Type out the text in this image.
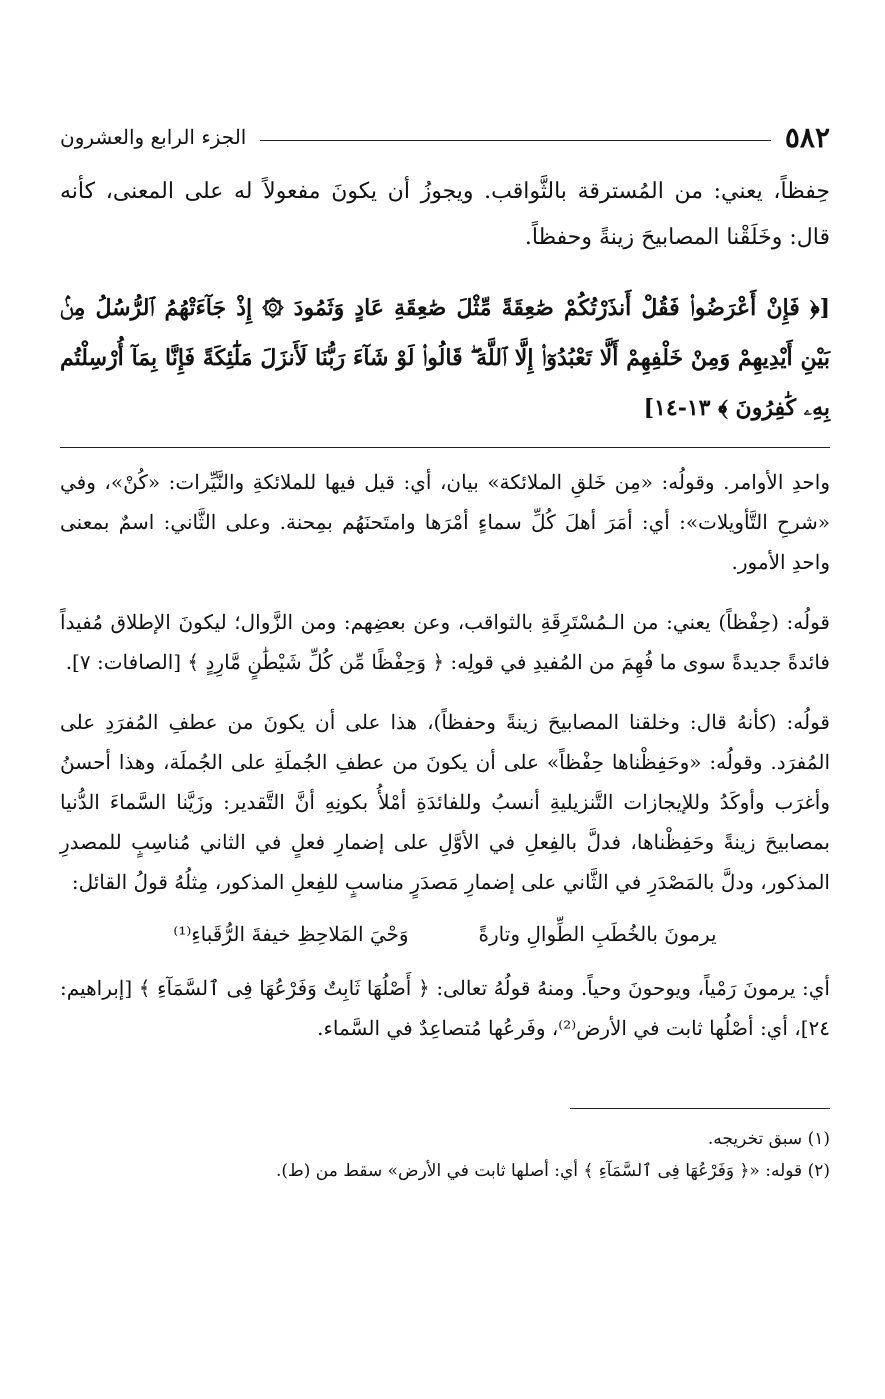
٥٨٢
الجزء الرابع والعشرون
حِفظاً، يعني: من المُسترقة بالثَّواقب. ويجوزُ أن يكونَ مفعولاً له على المعنى، كأنه قال: وخَلَقْنا المصابيحَ زينةً وحفظاً.
[﴿ فَإِنْ أَعْرَضُوا۟ فَقُلْ أَنذَرْتُكُمْ صَٰعِقَةً مِّثْلَ صَٰعِقَةِ عَادٍ وَثَمُودَ ۞ إِذْ جَآءَتْهُمُ ٱلرُّسُلُ مِنۢ بَيْنِ أَيْدِيهِمْ وَمِنْ خَلْفِهِمْ أَلَّا تَعْبُدُوٓا۟ إِلَّا ٱللَّهَ ۖ قَالُوا۟ لَوْ شَآءَ رَبُّنَا لَأَنزَلَ مَلَٰٓئِكَةً فَإِنَّا بِمَآ أُرْسِلْتُم بِهِۦ كَٰفِرُونَ ﴾ ١٣-١٤]

واحدِ الأوامر. وقولُه: «مِن خَلقِ الملائكة» بيان، أي: قيل فيها للملائكةِ والنَّيِّرات: «كُنْ»، وفي «شرحِ التَّأويلات»: أي: أمَرَ أهلَ كُلِّ سماءٍ أمْرَها وامتَحنَهُم بمِحنة. وعلى الثَّاني: اسمٌ بمعنى واحدِ الأمور.

قولُه: (حِفْظاً) يعني: من الـمُسْتَرِقَةِ بالثواقب، وعن بعضِهم: ومن الزَّوال؛ ليكونَ الإطلاق مُفيداً فائدةً جديدةً سوى ما فُهِمَ من المُفيدِ في قولِه: ﴿ وَحِفْظًا مِّن كُلِّ شَيْطَٰنٍ مَّارِدٍ ﴾ [الصافات: ٧].

قولُه: (كأنهُ قال: وخلقنا المصابيحَ زينةً وحفظاً)، هذا على أن يكونَ من عطفِ المُفرَدِ على المُفرَد. وقولُه: «وحَفِظْناها حِفْظاً» على أن يكونَ من عطفِ الجُملَةِ على الجُملَة، وهذا أحسنُ وأغرَب وأوكَدُ وللإيجازات التَّنزيليةِ أنسبُ وللفائدَةِ أمْلأُ بكونِهِ أنَّ التَّقدير: وزَيَّنا السَّماءَ الدُّنيا بمصابيحَ زينةً وحَفِظْناها، فدلَّ بالفِعلِ في الأوَّلِ على إضمارِ فعلٍ في الثاني مُناسِبٍ للمصدرِ المذكور، ودلَّ بالمَصْدَرِ في الثَّاني على إضمارِ مَصدَرٍ مناسبٍ للفِعلِ المذكور، مِثلُهُ قولُ القائل:

يرمونَ بالخُطَبِ الطِّوالِ وتارةً
وَحْيَ المَلاحِظِ خيفةَ الرُّقَباءِ⁽¹⁾

أي: يرمونَ رَمْياً، ويوحونَ وحياً. ومنهُ قولُهُ تعالى: ﴿ أَصْلُهَا ثَابِتٌ وَفَرْعُهَا فِى ٱلسَّمَآءِ ﴾ [إبراهيم: ٢٤]، أي: أصْلُها ثابت في الأرض⁽²⁾، وفَرعُها مُتصاعِدٌ في السَّماء.

(١) سبق تخريجه.
(٢) قوله: «﴿ وَفَرْعُهَا فِى ٱلسَّمَآءِ ﴾ أي: أصلها ثابت في الأرض» سقط من (ط).
